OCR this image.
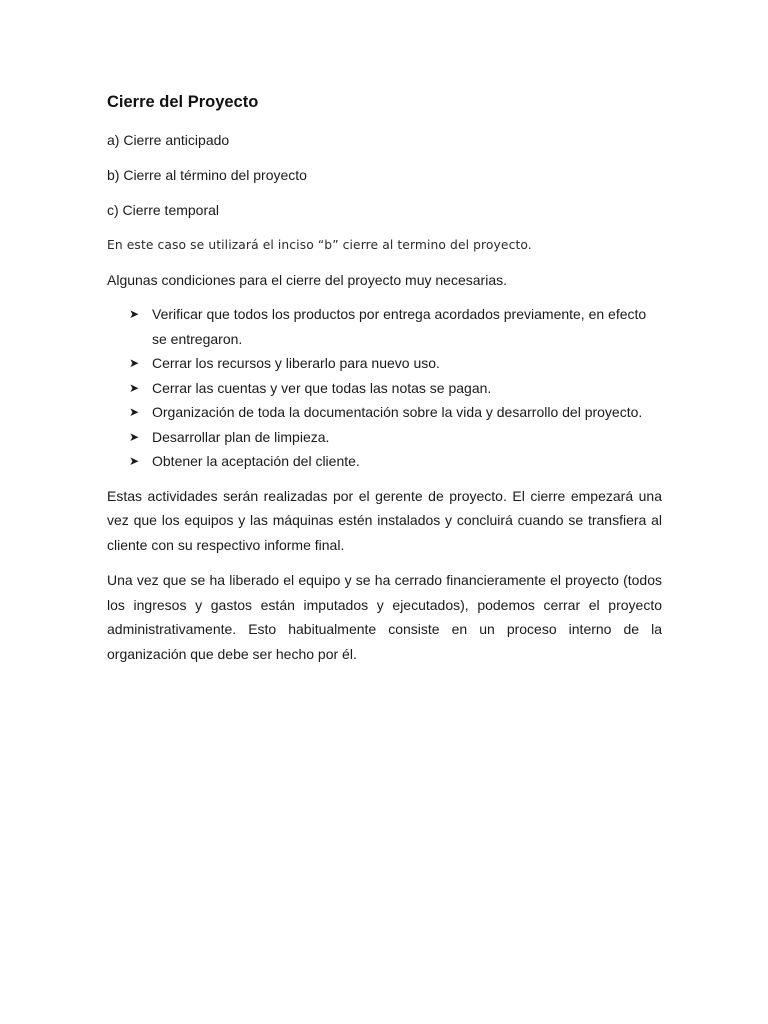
Cierre del Proyecto

a) Cierre anticipado

b) Cierre al término del proyecto

c) Cierre temporal

En este caso se utilizará el inciso “b” cierre al termino del proyecto.

Algunas condiciones para el cierre del proyecto muy necesarias.

➤ Verificar que todos los productos por entrega acordados previamente, en efecto se entregaron.
➤ Cerrar los recursos y liberarlo para nuevo uso.
➤ Cerrar las cuentas y ver que todas las notas se pagan.
➤ Organización de toda la documentación sobre la vida y desarrollo del proyecto.
➤ Desarrollar plan de limpieza.
➤ Obtener la aceptación del cliente.

Estas actividades serán realizadas por el gerente de proyecto. El cierre empezará una vez que los equipos y las máquinas estén instalados y concluirá cuando se transfiera al cliente con su respectivo informe final.

Una vez que se ha liberado el equipo y se ha cerrado financieramente el proyecto (todos los ingresos y gastos están imputados y ejecutados), podemos cerrar el proyecto administrativamente. Esto habitualmente consiste en un proceso interno de la organización que debe ser hecho por él.
